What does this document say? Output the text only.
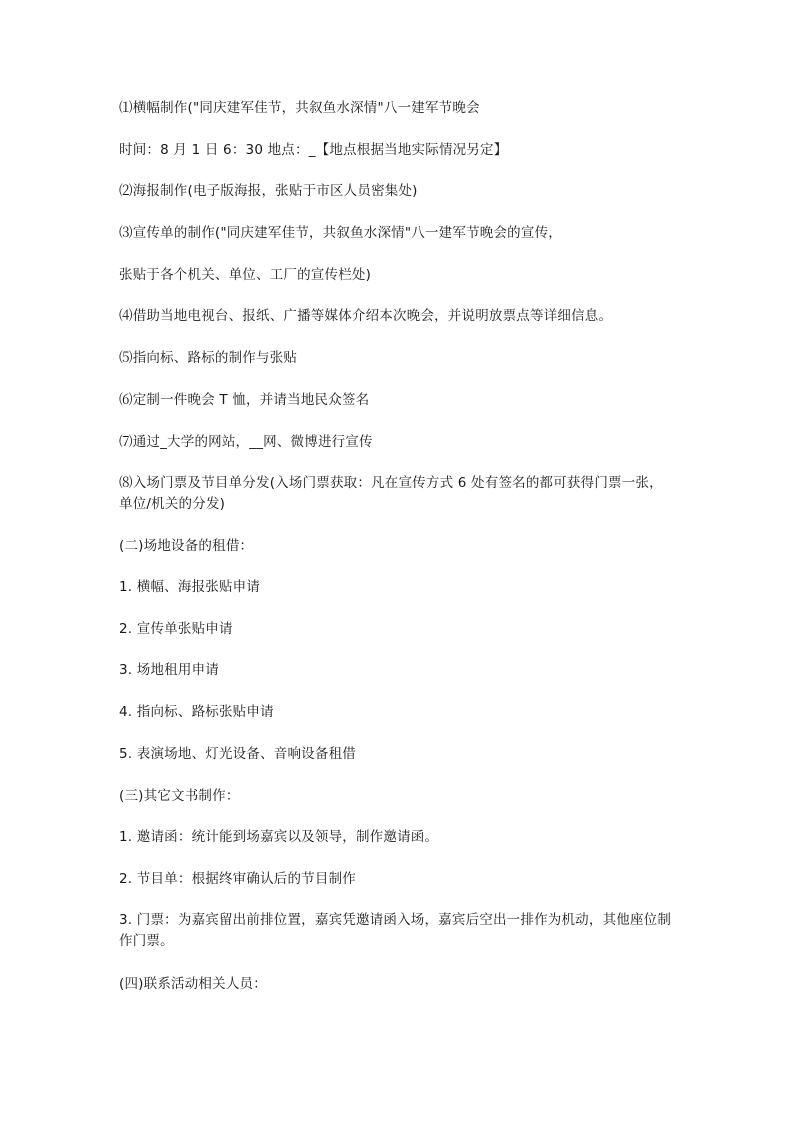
⑴横幅制作("同庆建军佳节，共叙鱼水深情"八一建军节晚会
时间：8 月 1 日 6：30 地点：_【地点根据当地实际情况另定】
⑵海报制作(电子版海报，张贴于市区人员密集处)
⑶宣传单的制作("同庆建军佳节，共叙鱼水深情"八一建军节晚会的宣传，
张贴于各个机关、单位、工厂的宣传栏处)
⑷借助当地电视台、报纸、广播等媒体介绍本次晚会，并说明放票点等详细信息。
⑸指向标、路标的制作与张贴
⑹定制一件晚会 T 恤，并请当地民众签名
⑺通过_大学的网站，__网、微博进行宣传
⑻入场门票及节目单分发(入场门票获取：凡在宣传方式 6 处有签名的都可获得门票一张，单位/机关的分发)
(二)场地设备的租借：
1. 横幅、海报张贴申请
2. 宣传单张贴申请
3. 场地租用申请
4. 指向标、路标张贴申请
5. 表演场地、灯光设备、音响设备租借
(三)其它文书制作：
1. 邀请函：统计能到场嘉宾以及领导，制作邀请函。
2. 节目单：根据终审确认后的节目制作
3. 门票：为嘉宾留出前排位置，嘉宾凭邀请函入场，嘉宾后空出一排作为机动，其他座位制作门票。
(四)联系活动相关人员：
